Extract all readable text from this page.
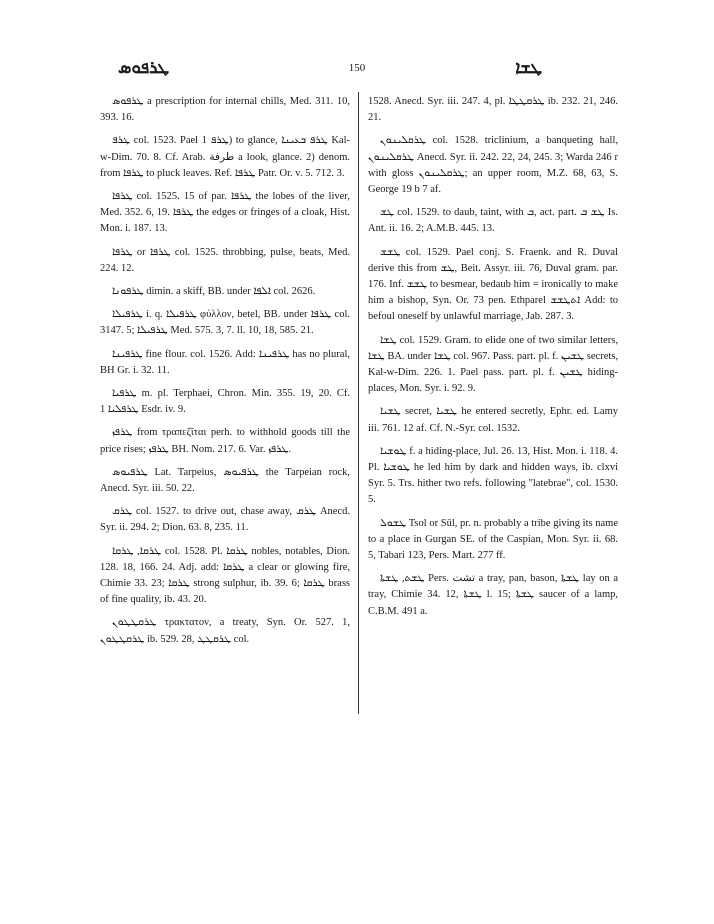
ܛܪܦܘܣ	150	ܛܫܐ

ܛܪܦܘܣ a prescription for internal chills, Med. 311. 10, 393. 16.

ܛܪܦ col. 1523. Pael ܛܪܦ 1) to glance, ܛܪܦ ܒܥܝܢܐ Kal-w-Dim. 70. 8. Cf. Arab. طرفة a look, glance. 2) denom. from ܛܪܦܐ to pluck leaves. Ref. ܛܪܦܐ Patr. Or. v. 5. 712. 3.

ܛܪܦܐ col. 1525. 15 of par. ܛܪܦܐ the lobes of the liver, Med. 352. 6, 19. ܛܪܦܐ the edges or fringes of a cloak, Hist. Mon. i. 187. 13.

ܛܪܦܐ or ܛܪܦܐ col. 1525. throbbing, pulse, beats, Med. 224. 12.

ܛܪܦܘܢܐ dimin. a skiff, BB. under ܐܠܦܐ col. 2626.

ܛܪܦܝܠܐ i. q. ܛܪܦܝܠܐ φύλλον, betel, BB. under ܛܪܦܐ col. 3147. 5; ܛܪܦܝܠܐ Med. 575. 3, 7. ll. 10, 18, 585. 21.

ܛܪܦܝܢܐ fine flour. col. 1526. Add: ܛܪܦܝܢܐ has no plural, BH Gr. i. 32. 11.

ܛܪܦܝܐ m. pl. Terphaei, Chron. Min. 355. 19, 20. Cf. ܛܪܦܠܝܐ 1 Esdr. iv. 9.

ܛܪܦܙ from τραπεζῖται perh. to withhold goods till the price rises; ܛܪܦܙ BH. Nom. 217. 6. Var. ܛܪܦܙ.

ܛܪܦܝܘܣ Lat. Tarpeius, ܛܪܦܝܘܣ the Tarpeian rock, Anecd. Syr. iii. 50. 22.

ܛܪܩ col. 1527. to drive out, chase away, ܛܪܩ Anecd. Syr. ii. 294. 2; Dion. 63. 8, 235. 11.

ܛܪܩܐ, ܛܪܩܐ col. 1528. Pl. ܛܪܩܐ nobles, notables, Dion. 128. 18, 166. 24. Adj. add: ܛܪܩܐ a clear or glowing fire, Chimie 33. 23; ܛܪܩܐ strong sulphur, ib. 39. 6; ܛܪܩܐ brass of fine quality, ib. 43. 20.

ܛܪܩܛܛܘܢ τρακτατον, a treaty, Syn. Or. 527. 1, ܛܪܩܛܛܘܢ ib. 529. 28, ܛܪܩܛܛ col.

1528. Anecd. Syr. iii. 247. 4, pl. ܛܪܩܛܛܐ ib. 232. 21, 246. 21.

ܛܪܩܠܝܢܘܢ col. 1528. triclinium, a banqueting hall, ܛܪܩܠܝܢܘܢ Anecd. Syr. ii. 242. 22, 24, 245. 3; Warda 246 r with gloss ܛܪܩܠܝܢܘܢ; an upper room, M.Z. 68, 63, S. George 19 b 7 af.

ܛܫ col. 1529. to daub, taint, with ܒ, act. part. ܛܫ ܒ Is. Ant. ii. 16. 2; A.M.B. 445. 13.

ܛܫܫ col. 1529. Pael conj. S. Fraenk. and R. Duval derive this from ܛܫ, Beit. Assyr. iii. 76, Duval gram. par. 176. Inf. ܛܫܫ to besmear, bedaub him = ironically to make him a bishop, Syn. Or. 73 pen. Ethparel ܐܬܛܫܫ Add: to befoul oneself by unlawful marriage, Jab. 287. 3.

ܛܫܐ col. 1529. Gram. to elide one of two similar letters, ܛܫܐ BA. under ܛܫܐ col. 967. Pass. part. pl. f. ܛܫܝܢ secrets, Kal-w-Dim. 226. 1. Pael pass. part. pl. f. ܛܫܝܢ hiding-places, Mon. Syr. i. 92. 9.

ܛܫܝܐ secret, ܛܫܝܐ he entered secretly, Ephr. ed. Lamy iii. 761. 12 af. Cf. N.-Syr. col. 1532.

ܛܘܫܝܐ f. a hiding-place, Jul. 26. 13, Hist. Mon. i. 118. 4. Pl. ܛܘܫܝܐ he led him by dark and hidden ways, ib. clxvi Syr. 5. Trs. hither two refs. following "latebrae", col. 1530. 5.

ܛܫܘܠ Tsol or Sūl, pr. n. probably a tribe giving its name to a place in Gurgan SE. of the Caspian, Mon. Syr. ii. 68. 5, Tabari 123, Pers. Mart. 277 ff.

ܛܫܬ, ܛܫܬܐ Pers. تشت a tray, pan, bason, ܛܫܬܐ lay on a tray, Chimie 34. 12, ܛܫܬܐ l. 15; ܛܫܬܐ saucer of a lamp, C.B.M. 491 a.
